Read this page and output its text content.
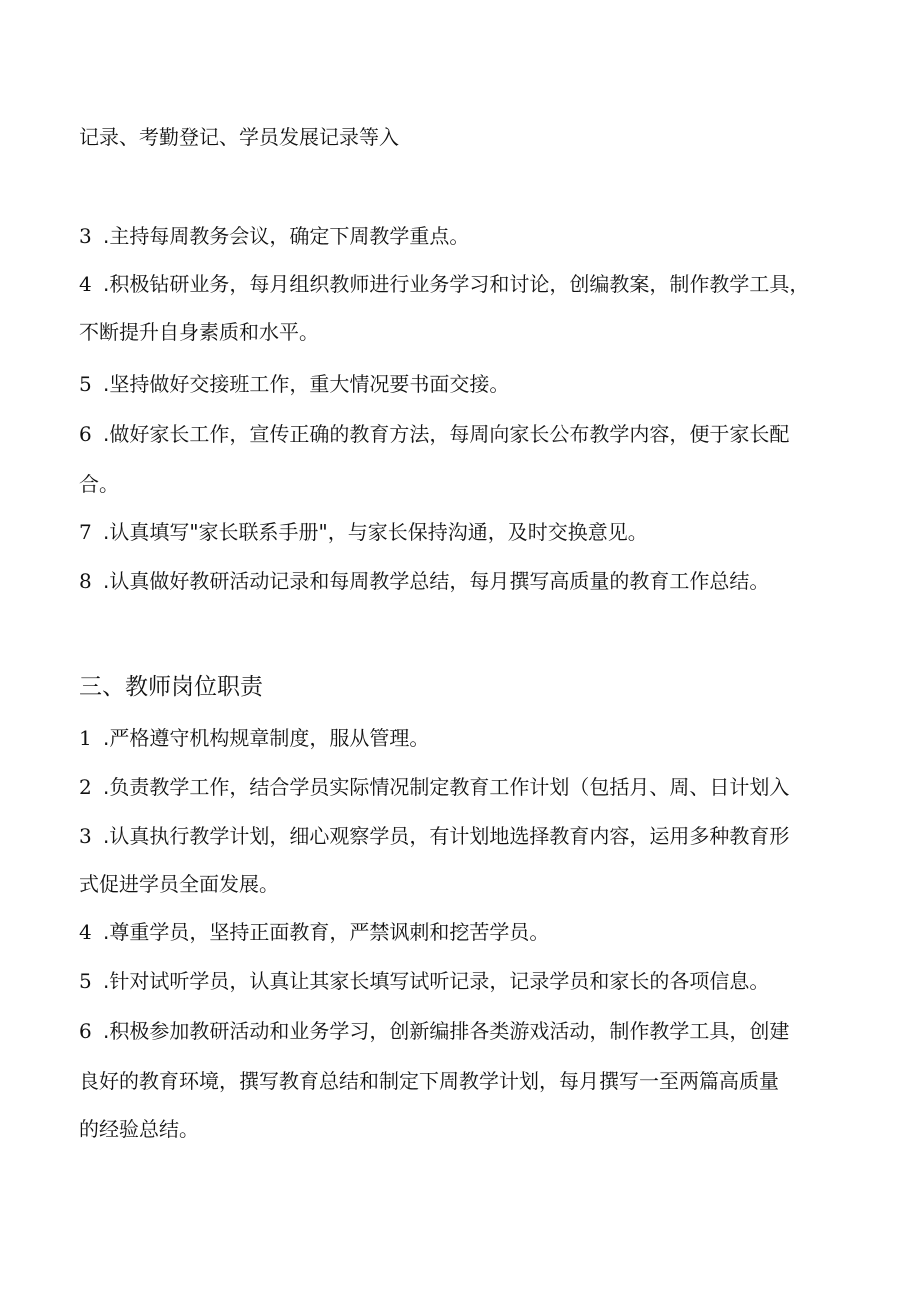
记录、考勤登记、学员发展记录等入
3 .主持每周教务会议，确定下周教学重点。
4 .积极钻研业务，每月组织教师进行业务学习和讨论，创编教案，制作教学工具，
不断提升自身素质和水平。
5 .坚持做好交接班工作，重大情况要书面交接。
6 .做好家长工作，宣传正确的教育方法，每周向家长公布教学内容，便于家长配
合。
7 .认真填写"家长联系手册"，与家长保持沟通，及时交换意见。
8 .认真做好教研活动记录和每周教学总结，每月撰写高质量的教育工作总结。
三、教师岗位职责
1 .严格遵守机构规章制度，服从管理。
2 .负责教学工作，结合学员实际情况制定教育工作计划（包括月、周、日计划入
3 .认真执行教学计划，细心观察学员，有计划地选择教育内容，运用多种教育形
式促进学员全面发展。
4 .尊重学员，坚持正面教育，严禁讽刺和挖苦学员。
5 .针对试听学员，认真让其家长填写试听记录，记录学员和家长的各项信息。
6 .积极参加教研活动和业务学习，创新编排各类游戏活动，制作教学工具，创建
良好的教育环境，撰写教育总结和制定下周教学计划，每月撰写一至两篇高质量
的经验总结。
